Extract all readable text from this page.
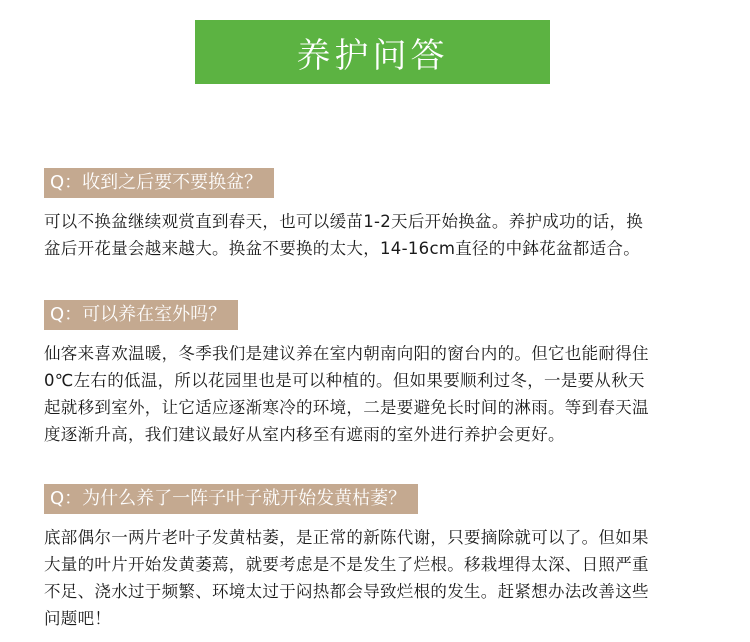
养护问答
Q：收到之后要不要换盆？
可以不换盆继续观赏直到春天，也可以缓苗1-2天后开始换盆。养护成功的话，换
盆后开花量会越来越大。换盆不要换的太大，14-16cm直径的中鉢花盆都适合。
Q：可以养在室外吗？
仙客来喜欢温暖，冬季我们是建议养在室内朝南向阳的窗台内的。但它也能耐得住
0℃左右的低温，所以花园里也是可以种植的。但如果要顺利过冬，一是要从秋天
起就移到室外，让它适应逐渐寒冷的环境，二是要避免长时间的淋雨。等到春天温
度逐渐升高，我们建议最好从室内移至有遮雨的室外进行养护会更好。
Q：为什么养了一阵子叶子就开始发黄枯萎？
底部偶尔一两片老叶子发黄枯萎，是正常的新陈代谢，只要摘除就可以了。但如果
大量的叶片开始发黄萎蔫，就要考虑是不是发生了烂根。移栽埋得太深、日照严重
不足、浇水过于频繁、环境太过于闷热都会导致烂根的发生。赶紧想办法改善这些
问题吧！
